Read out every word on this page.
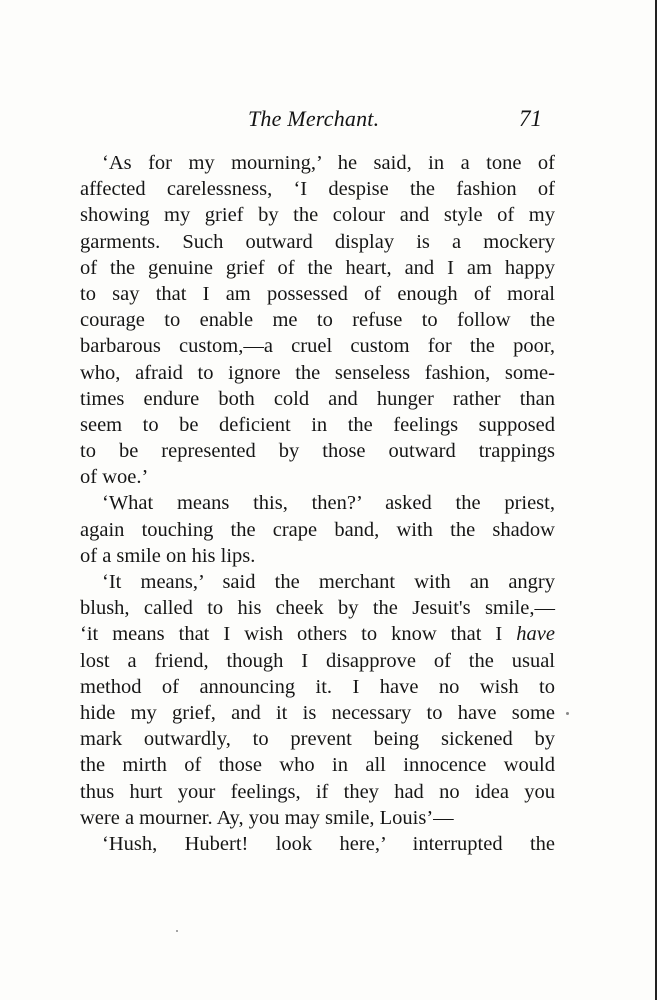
The Merchant.	71
‘As for my mourning,’ he said, in a tone of
affected carelessness, ‘I despise the fashion of
showing my grief by the colour and style of my
garments. Such outward display is a mockery
of the genuine grief of the heart, and I am happy
to say that I am possessed of enough of moral
courage to enable me to refuse to follow the
barbarous custom,—a cruel custom for the poor,
who, afraid to ignore the senseless fashion, some-
times endure both cold and hunger rather than
seem to be deficient in the feelings supposed
to be represented by those outward trappings
of woe.’
‘What means this, then?’ asked the priest,
again touching the crape band, with the shadow
of a smile on his lips.
‘It means,’ said the merchant with an angry
blush, called to his cheek by the Jesuit's smile,—
‘it means that I wish others to know that I have
lost a friend, though I disapprove of the usual
method of announcing it. I have no wish to
hide my grief, and it is necessary to have some
mark outwardly, to prevent being sickened by
the mirth of those who in all innocence would
thus hurt your feelings, if they had no idea you
were a mourner. Ay, you may smile, Louis’—
‘Hush, Hubert! look here,’ interrupted the
